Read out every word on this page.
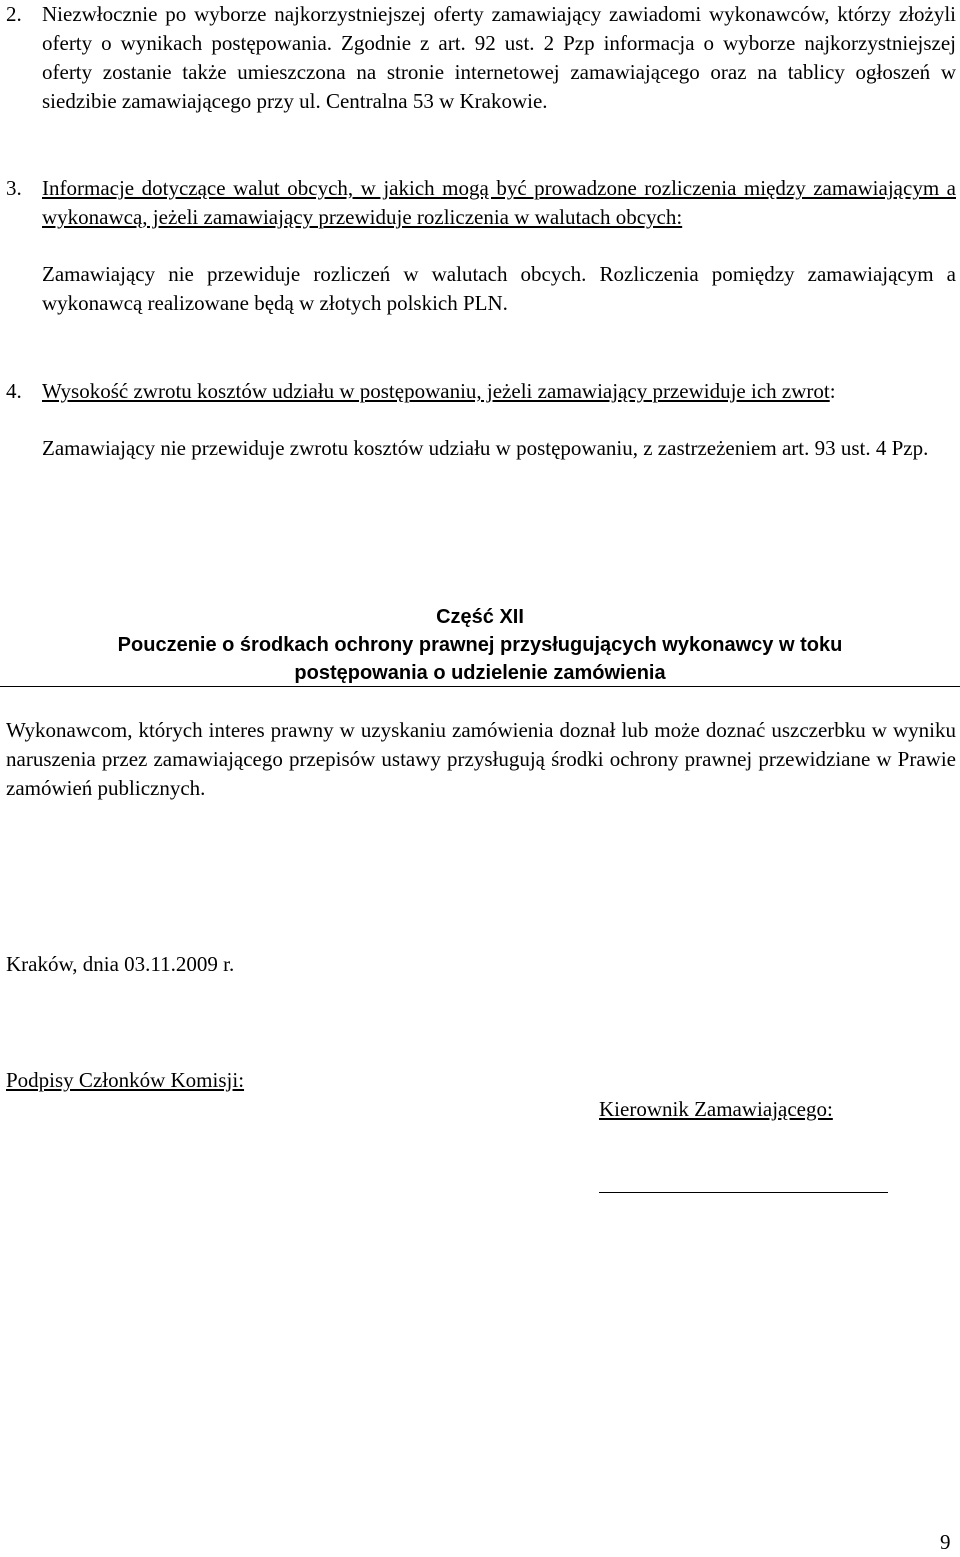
2. Niezwłocznie po wyborze najkorzystniejszej oferty zamawiający zawiadomi wykonawców, którzy złożyli oferty o wynikach postępowania. Zgodnie z art. 92 ust. 2 Pzp informacja o wyborze najkorzystniejszej oferty zostanie także umieszczona na stronie internetowej zamawiającego oraz na tablicy ogłoszeń w siedzibie zamawiającego przy ul. Centralna 53 w Krakowie.
3. Informacje dotyczące walut obcych, w jakich mogą być prowadzone rozliczenia między zamawiającym a wykonawcą, jeżeli zamawiający przewiduje rozliczenia w walutach obcych:
Zamawiający nie przewiduje rozliczeń w walutach obcych. Rozliczenia pomiędzy zamawiającym a wykonawcą realizowane będą w złotych polskich PLN.
4. Wysokość zwrotu kosztów udziału w postępowaniu, jeżeli zamawiający przewiduje ich zwrot:
Zamawiający nie przewiduje zwrotu kosztów udziału w postępowaniu, z zastrzeżeniem art. 93 ust. 4 Pzp.
Część XII
Pouczenie o środkach ochrony prawnej przysługujących wykonawcy w toku
postępowania o udzielenie zamówienia
Wykonawcom, których interes prawny w uzyskaniu zamówienia doznał lub może doznać uszczerbku w wyniku naruszenia przez zamawiającego przepisów ustawy przysługują środki ochrony prawnej przewidziane w Prawie zamówień publicznych.
Kraków, dnia 03.11.2009 r.
Podpisy Członków Komisji:
Kierownik Zamawiającego:
9
